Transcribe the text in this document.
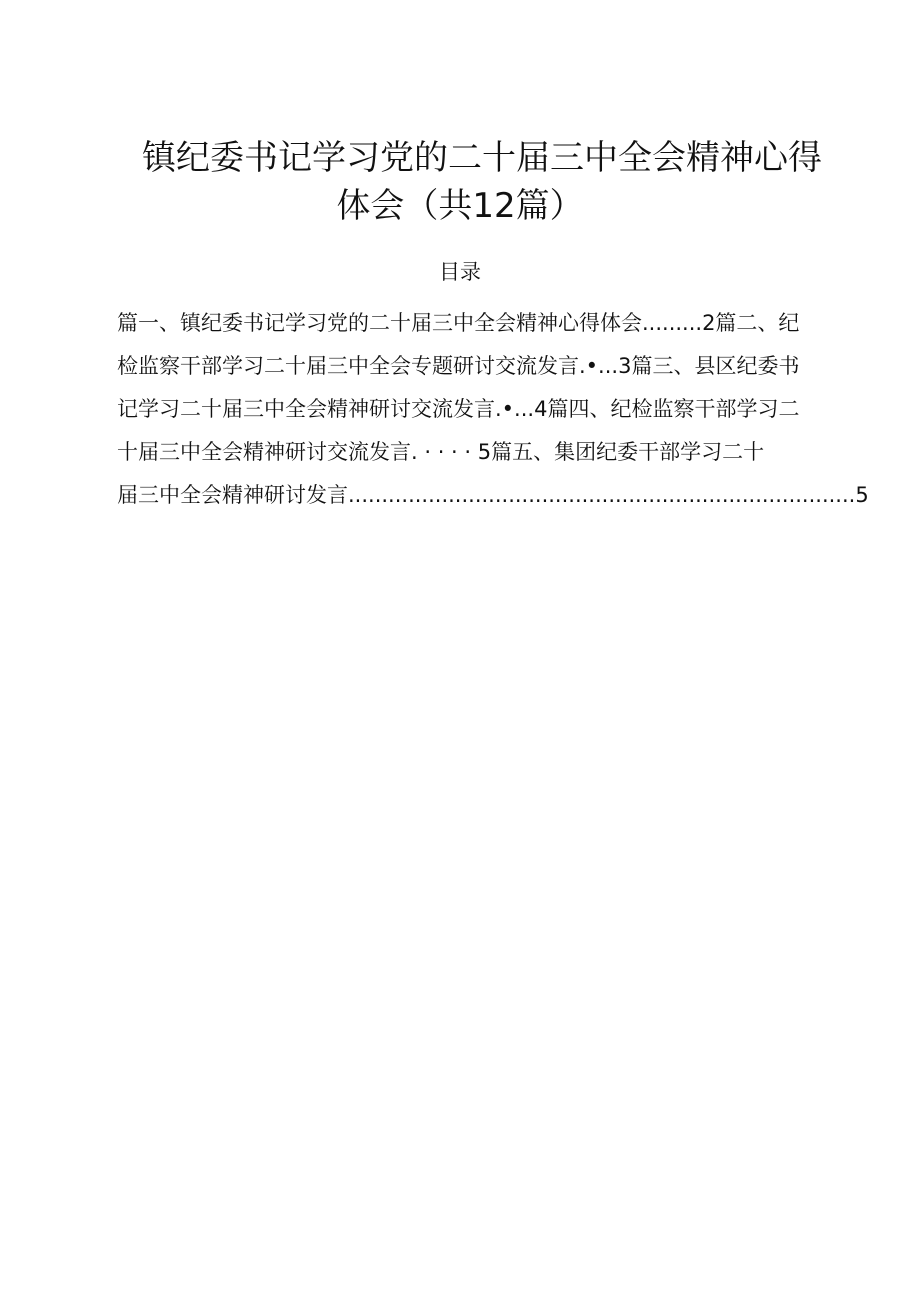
镇纪委书记学习党的二十届三中全会精神心得
体会（共12篇）
目录
篇一、镇纪委书记学习党的二十届三中全会精神心得体会.........2篇二、纪
检监察干部学习二十届三中全会专题研讨交流发言.•...3篇三、县区纪委书
记学习二十届三中全会精神研讨交流发言.•...4篇四、纪检监察干部学习二
十届三中全会精神研讨交流发言. · · · · 5篇五、集团纪委干部学习二十
届三中全会精神研讨发言............................................................................5
